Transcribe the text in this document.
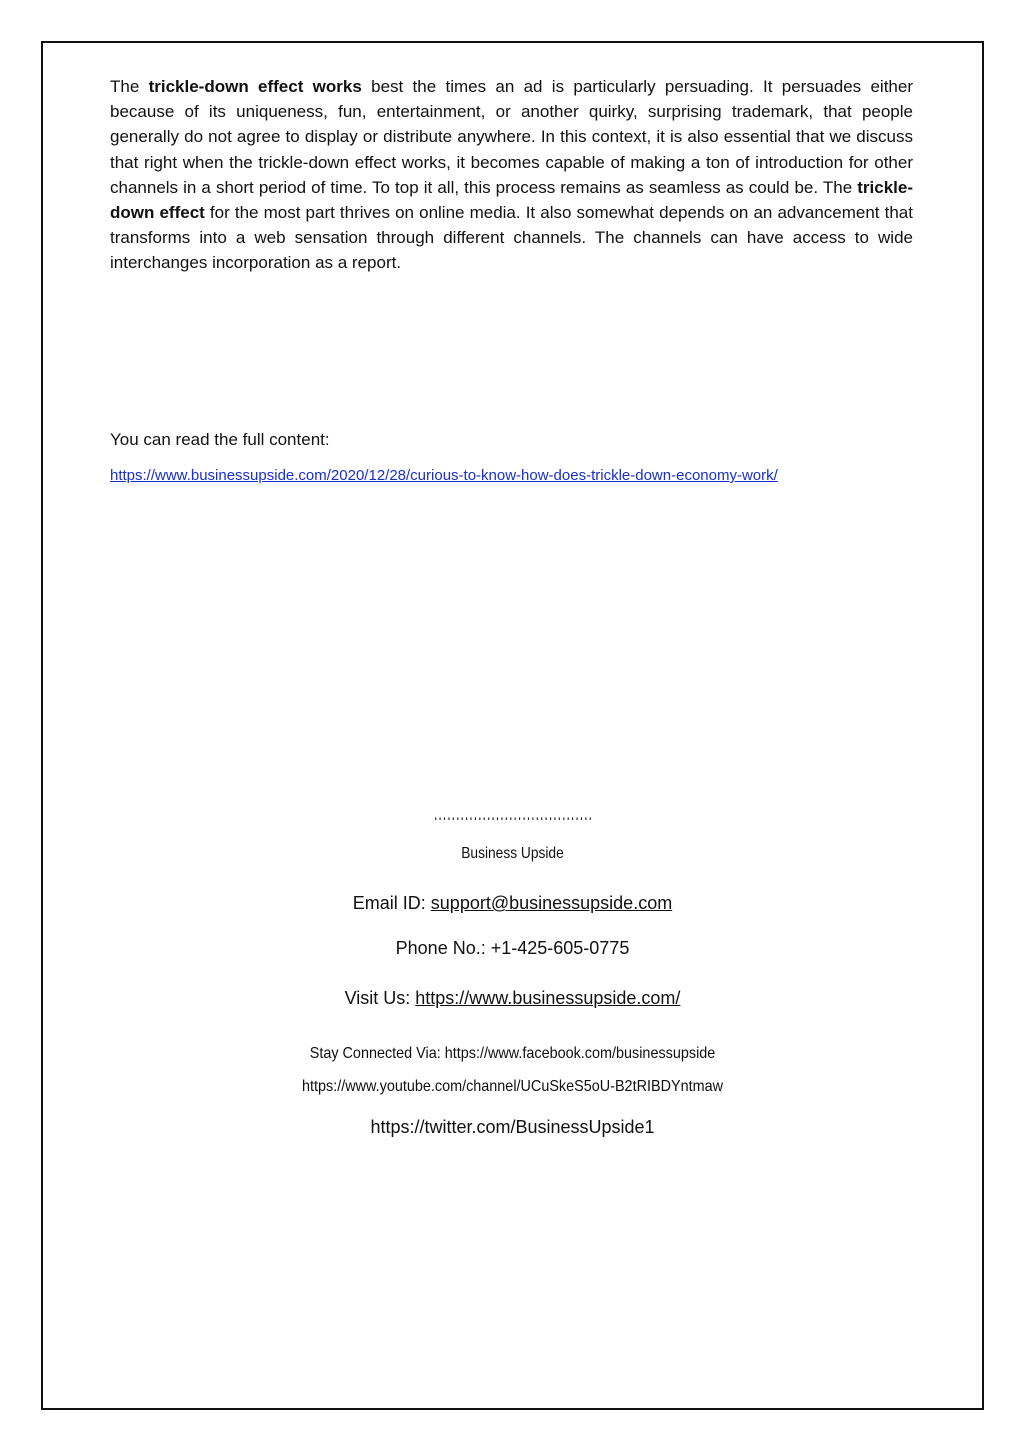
The trickle-down effect works best the times an ad is particularly persuading. It persuades either because of its uniqueness, fun, entertainment, or another quirky, surprising trademark, that people generally do not agree to display or distribute anywhere. In this context, it is also essential that we discuss that right when the trickle-down effect works, it becomes capable of making a ton of introduction for other channels in a short period of time. To top it all, this process remains as seamless as could be. The trickle-down effect for the most part thrives on online media. It also somewhat depends on an advancement that transforms into a web sensation through different channels. The channels can have access to wide interchanges incorporation as a report.

You can read the full content:

https://www.businessupside.com/2020/12/28/curious-to-know-how-does-trickle-down-economy-work/
''''''''''''''''''''''''''''''''''''
Business Upside
Email ID: support@businessupside.com
Phone No.: +1-425-605-0775
Visit Us: https://www.businessupside.com/
Stay Connected Via: https://www.facebook.com/businessupside
https://www.youtube.com/channel/UCuSkeS5oU-B2tRIBDYntmaw
https://twitter.com/BusinessUpside1
